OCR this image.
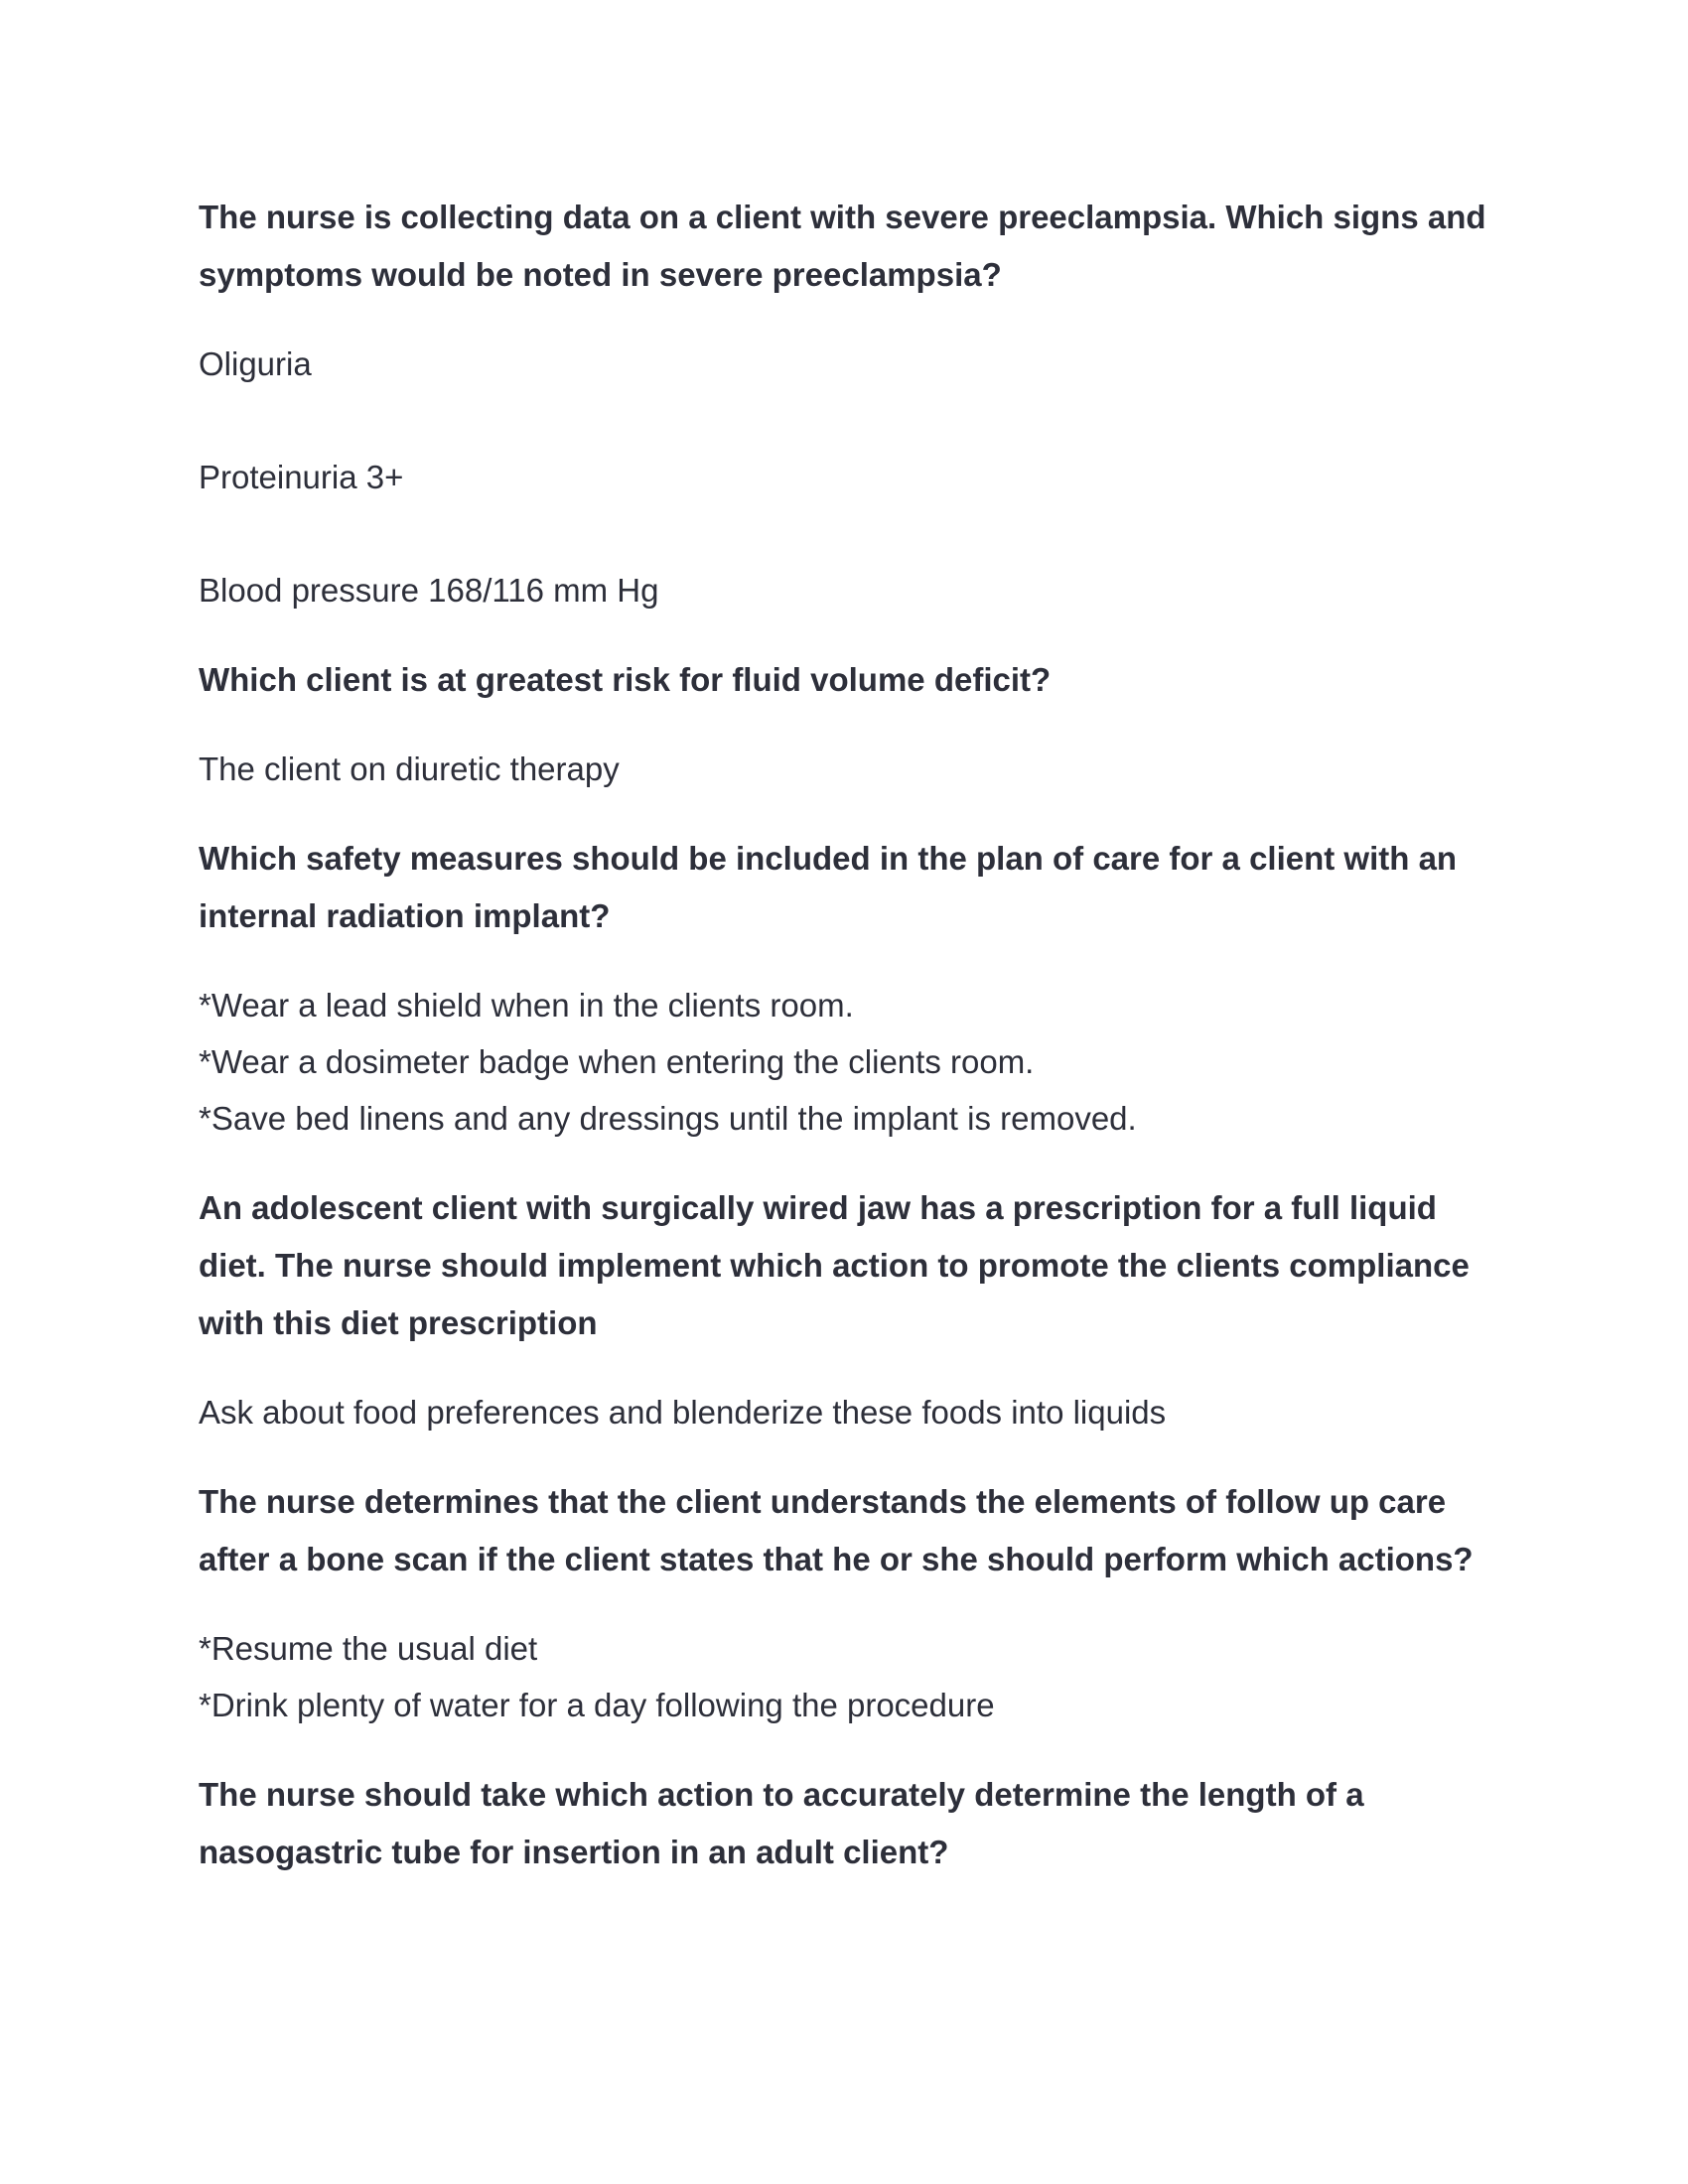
The nurse is collecting data on a client with severe preeclampsia. Which signs and symptoms would be noted in severe preeclampsia?

Oliguria

Proteinuria 3+

Blood pressure 168/116 mm Hg

Which client is at greatest risk for fluid volume deficit?

The client on diuretic therapy

Which safety measures should be included in the plan of care for a client with an internal radiation implant?

*Wear a lead shield when in the clients room.

*Wear a dosimeter badge when entering the clients room.

*Save bed linens and any dressings until the implant is removed.

An adolescent client with surgically wired jaw has a prescription for a full liquid diet. The nurse should implement which action to promote the clients compliance with this diet prescription

Ask about food preferences and blenderize these foods into liquids

The nurse determines that the client understands the elements of follow up care after a bone scan if the client states that he or she should perform which actions?

*Resume the usual diet

*Drink plenty of water for a day following the procedure

The nurse should take which action to accurately determine the length of a nasogastric tube for insertion in an adult client?
